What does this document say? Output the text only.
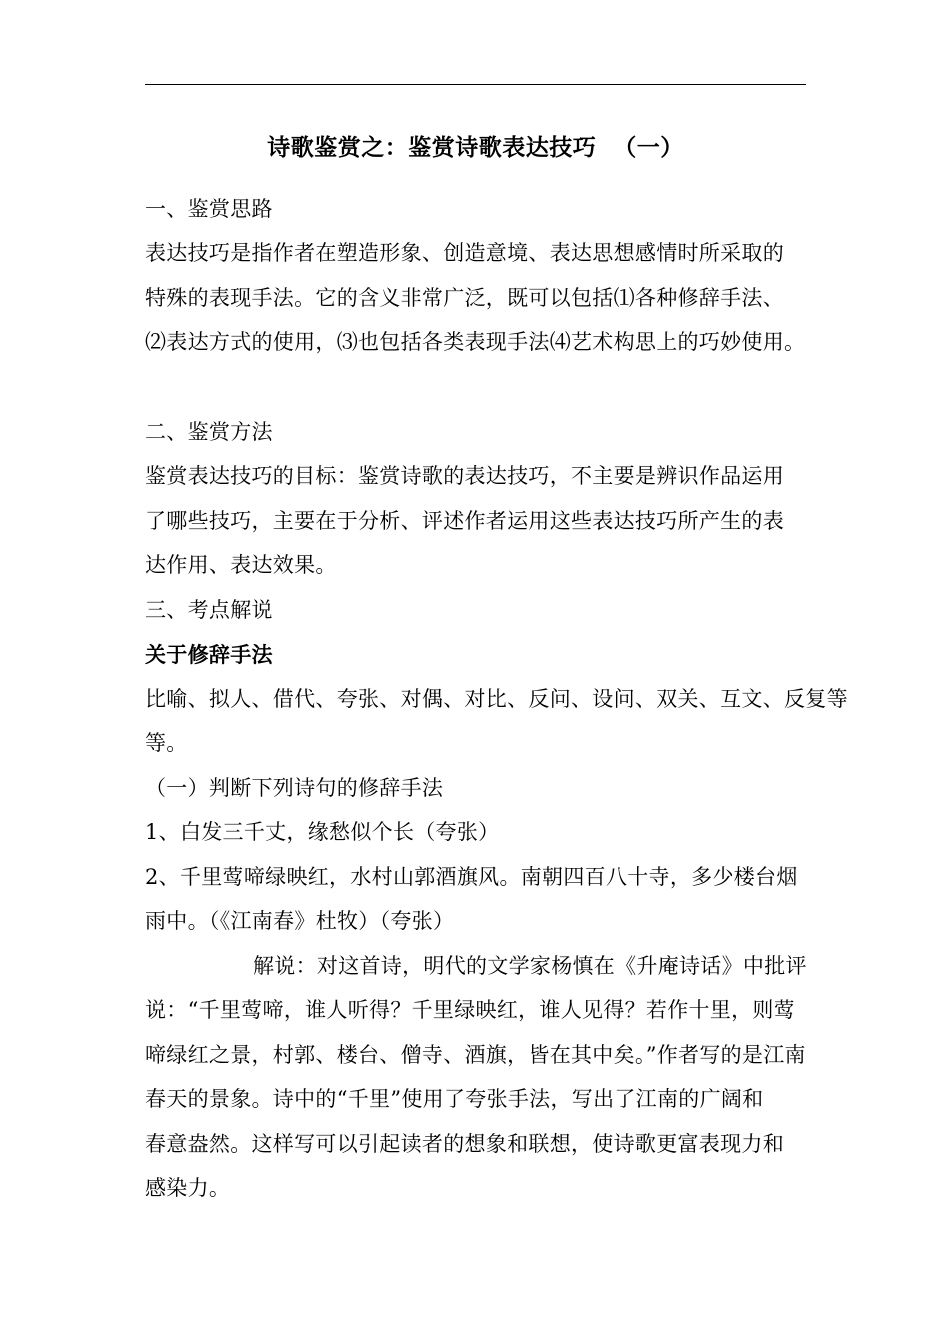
诗歌鉴赏之：鉴赏诗歌表达技巧  （一）
一、鉴赏思路
表达技巧是指作者在塑造形象、创造意境、表达思想感情时所采取的
特殊的表现手法。它的含义非常广泛，既可以包括⑴各种修辞手法、
⑵表达方式的使用，⑶也包括各类表现手法⑷艺术构思上的巧妙使用。
二、鉴赏方法
鉴赏表达技巧的目标：鉴赏诗歌的表达技巧，不主要是辨识作品运用
了哪些技巧，主要在于分析、评述作者运用这些表达技巧所产生的表
达作用、表达效果。
三、考点解说
关于修辞手法
比喻、拟人、借代、夸张、对偶、对比、反问、设问、双关、互文、反复等
等。
（一）判断下列诗句的修辞手法
1、白发三千丈，缘愁似个长（夸张）
2、千里莺啼绿映红，水村山郭酒旗风。南朝四百八十寺，多少楼台烟
雨中。（《江南春》杜牧）（夸张）
解说：对这首诗，明代的文学家杨慎在《升庵诗话》中批评
说：“千里莺啼，谁人听得？千里绿映红，谁人见得？若作十里，则莺
啼绿红之景，村郭、楼台、僧寺、酒旗，皆在其中矣。”作者写的是江南
春天的景象。诗中的“千里”使用了夸张手法，写出了江南的广阔和
春意盎然。这样写可以引起读者的想象和联想，使诗歌更富表现力和
感染力。
